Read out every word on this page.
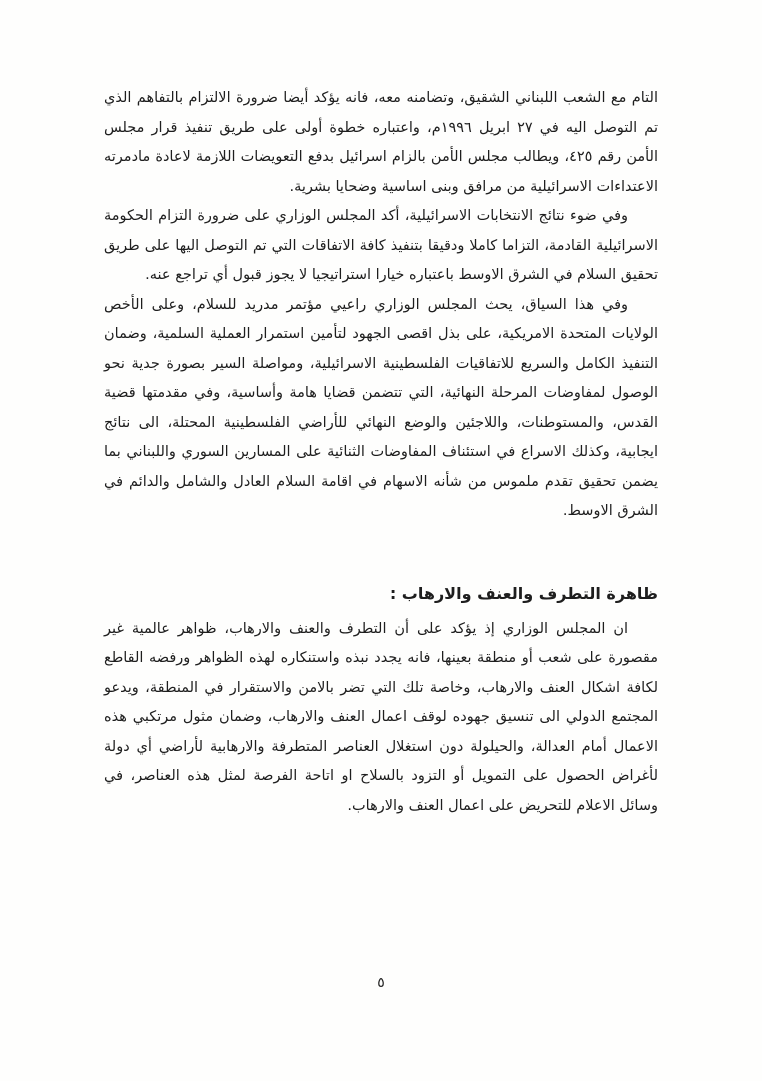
التام مع الشعب اللبناني الشقيق، وتضامنه معه، فانه يؤكد أيضا ضرورة الالتزام بالتفاهم الذي تم التوصل اليه في ٢٧ ابريل ١٩٩٦م، واعتباره خطوة أولى على طريق تنفيذ قرار مجلس الأمن رقم ٤٢٥، ويطالب مجلس الأمن بالزام اسرائيل بدفع التعويضات اللازمة لاعادة مادمرته الاعتداءات الاسرائيلية من مرافق وبنى اساسية وضحايا بشرية.

وفي ضوء نتائج الانتخابات الاسرائيلية، أكد المجلس الوزاري على ضرورة التزام الحكومة الاسرائيلية القادمة، التزاما كاملا ودقيقا بتنفيذ كافة الاتفاقات التي تم التوصل اليها على طريق تحقيق السلام في الشرق الاوسط باعتباره خيارا استراتيجيا لا يجوز قبول أي تراجع عنه.

وفي هذا السياق، يحث المجلس الوزاري راعيي مؤتمر مدريد للسلام، وعلى الأخص الولايات المتحدة الامريكية، على بذل اقصى الجهود لتأمين استمرار العملية السلمية، وضمان التنفيذ الكامل والسريع للاتفاقيات الفلسطينية الاسرائيلية، ومواصلة السير بصورة جدية نحو الوصول لمفاوضات المرحلة النهائية، التي تتضمن قضايا هامة وأساسية، وفي مقدمتها قضية القدس، والمستوطنات، واللاجئين والوضع النهائي للأراضي الفلسطينية المحتلة، الى نتائج ايجابية، وكذلك الاسراع في استئناف المفاوضات الثنائية على المسارين السوري واللبناني بما يضمن تحقيق تقدم ملموس من شأنه الاسهام في اقامة السلام العادل والشامل والدائم في الشرق الاوسط.

ظاهرة التطرف والعنف والارهاب :

ان المجلس الوزاري إذ يؤكد على أن التطرف والعنف والارهاب، ظواهر عالمية غير مقصورة على شعب أو منطقة بعينها، فانه يجدد نبذه واستنكاره لهذه الظواهر ورفضه القاطع لكافة اشكال العنف والارهاب، وخاصة تلك التي تضر بالامن والاستقرار في المنطقة، ويدعو المجتمع الدولي الى تنسيق جهوده لوقف اعمال العنف والارهاب، وضمان مثول مرتكبي هذه الاعمال أمام العدالة، والحيلولة دون استغلال العناصر المتطرفة والارهابية لأراضي أي دولة لأغراض الحصول على التمويل أو التزود بالسلاح او اتاحة الفرصة لمثل هذه العناصر، في وسائل الاعلام للتحريض على اعمال العنف والارهاب.

٥
